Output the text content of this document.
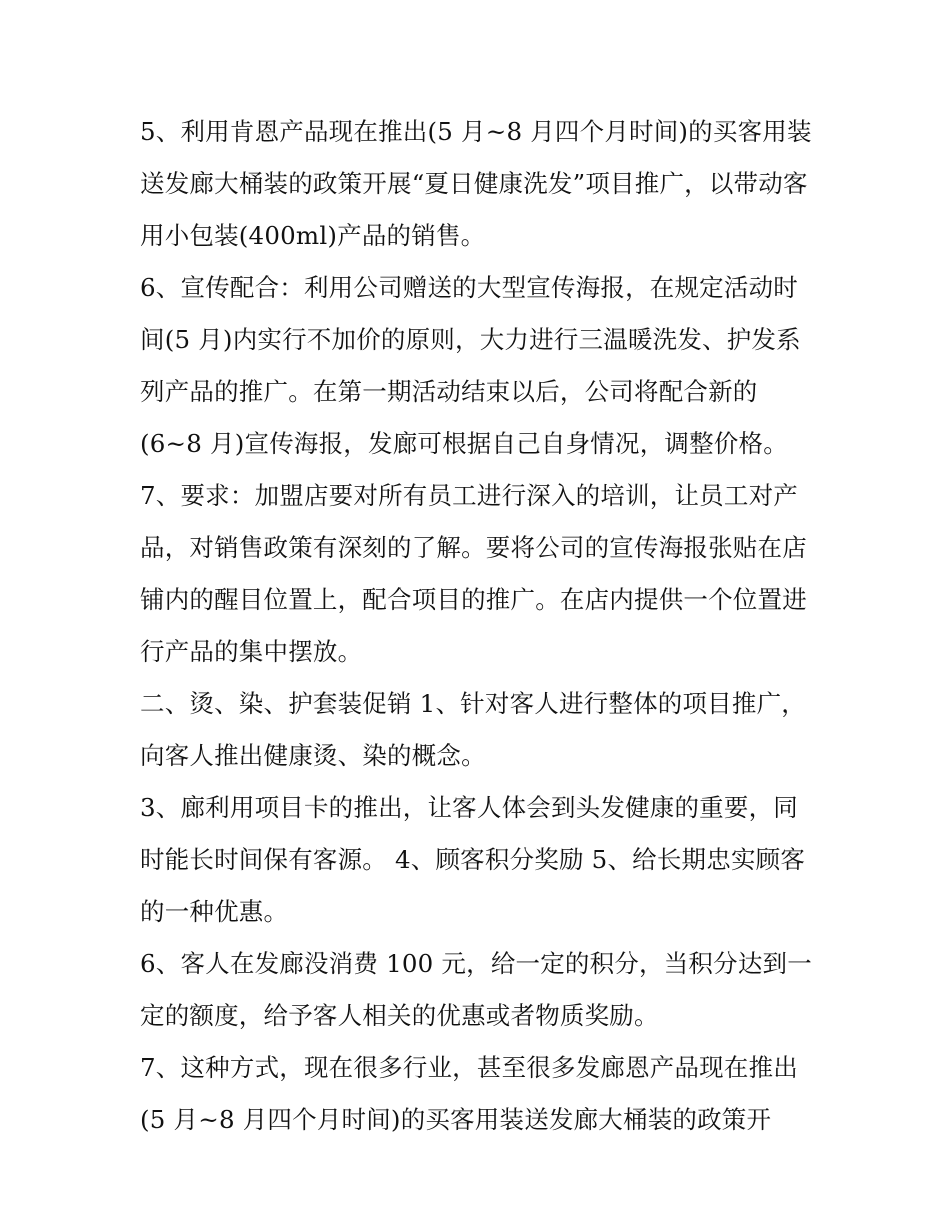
5、利用肯恩产品现在推出(5 月~8 月四个月时间)的买客用装
送发廊大桶装的政策开展“夏日健康洗发”项目推广，以带动客
用小包装(400ml)产品的销售。
6、宣传配合：利用公司赠送的大型宣传海报，在规定活动时
间(5 月)内实行不加价的原则，大力进行三温暖洗发、护发系
列产品的推广。在第一期活动结束以后，公司将配合新的
(6~8 月)宣传海报，发廊可根据自己自身情况，调整价格。
7、要求：加盟店要对所有员工进行深入的培训，让员工对产
品，对销售政策有深刻的了解。要将公司的宣传海报张贴在店
铺内的醒目位置上，配合项目的推广。在店内提供一个位置进
行产品的集中摆放。
二、烫、染、护套装促销 1、针对客人进行整体的项目推广，
向客人推出健康烫、染的概念。
3、廊利用项目卡的推出，让客人体会到头发健康的重要，同
时能长时间保有客源。 4、顾客积分奖励 5、给长期忠实顾客
的一种优惠。
6、客人在发廊没消费 100 元，给一定的积分，当积分达到一
定的额度，给予客人相关的优惠或者物质奖励。
7、这种方式，现在很多行业，甚至很多发廊恩产品现在推出
(5 月~8 月四个月时间)的买客用装送发廊大桶装的政策开
